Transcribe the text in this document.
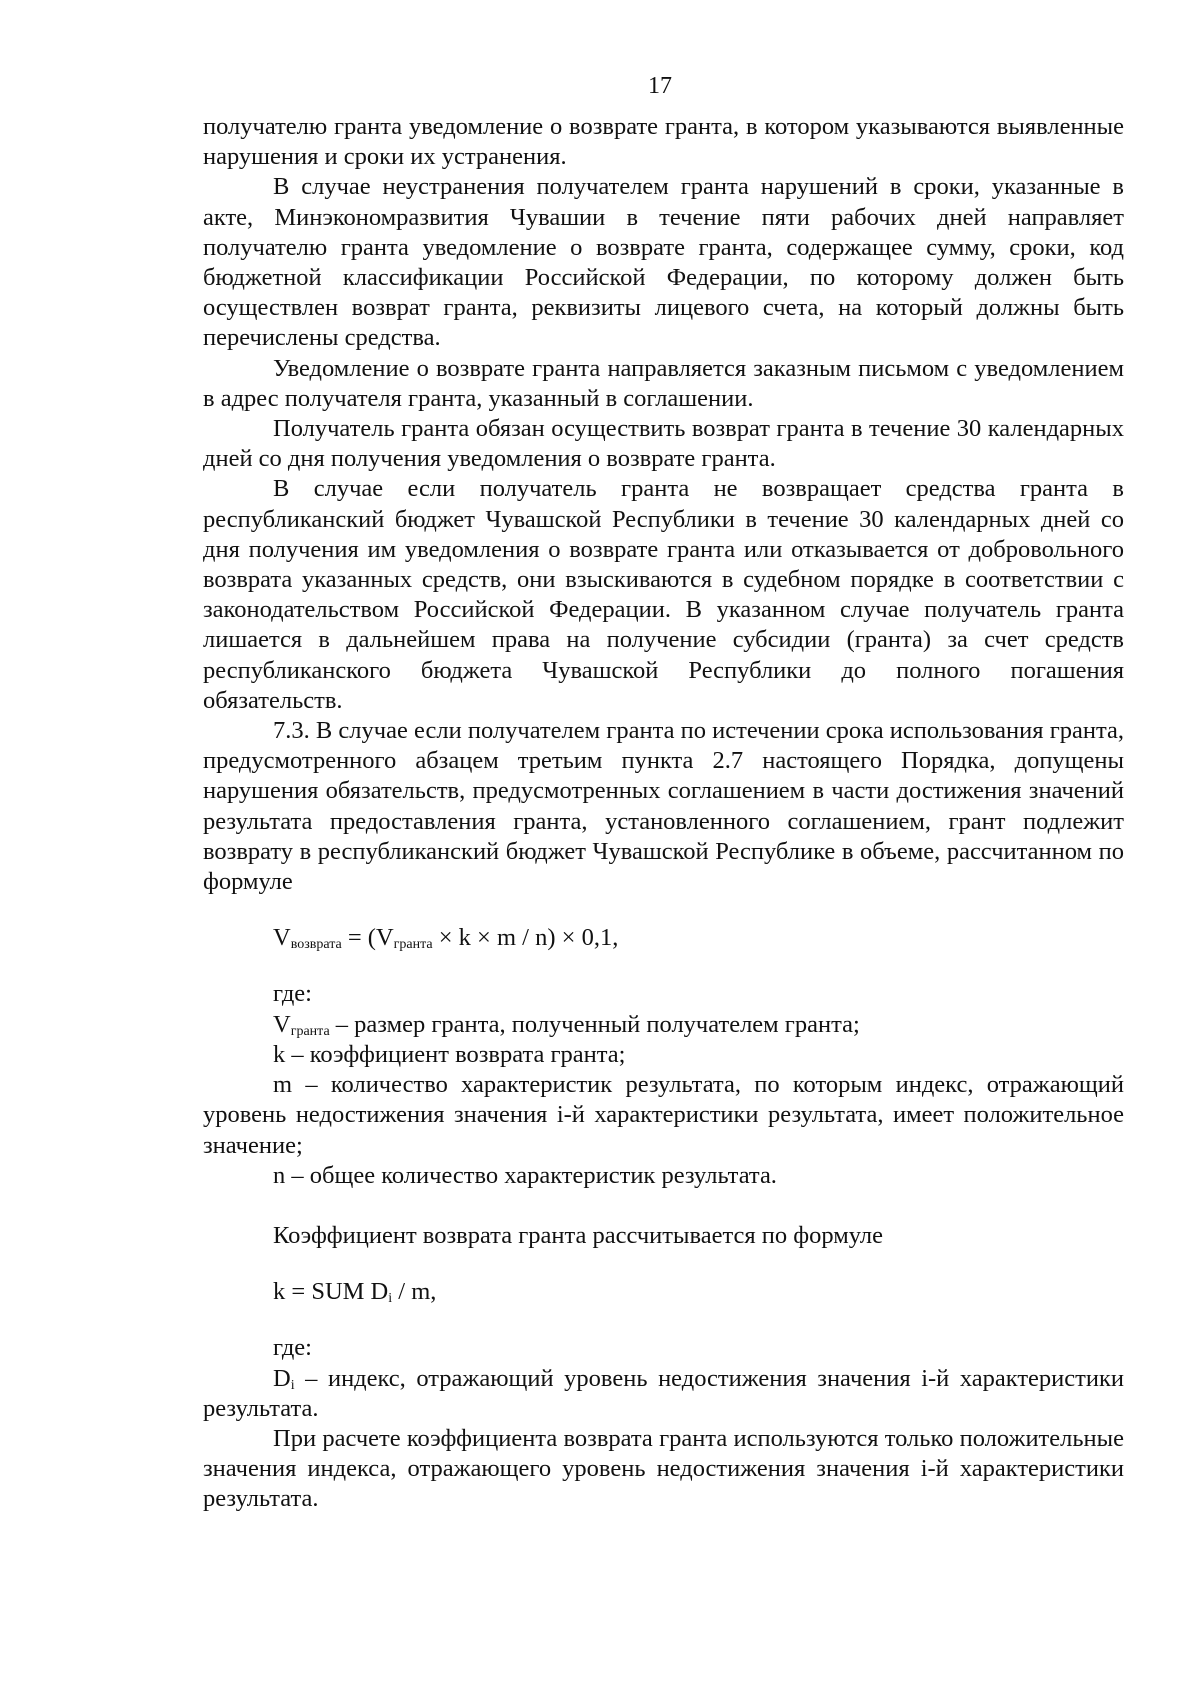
17

получателю гранта уведомление о возврате гранта, в котором указываются выявленные нарушения и сроки их устранения.

В случае неустранения получателем гранта нарушений в сроки, указанные в акте, Минэкономразвития Чувашии в течение пяти рабочих дней направляет получателю гранта уведомление о возврате гранта, содержащее сумму, сроки, код бюджетной классификации Российской Федерации, по которому должен быть осуществлен возврат гранта, реквизиты лицевого счета, на который должны быть перечислены средства.

Уведомление о возврате гранта направляется заказным письмом с уведомлением в адрес получателя гранта, указанный в соглашении.

Получатель гранта обязан осуществить возврат гранта в течение 30 календарных дней со дня получения уведомления о возврате гранта.

В случае если получатель гранта не возвращает средства гранта в республиканский бюджет Чувашской Республики в течение 30 календарных дней со дня получения им уведомления о возврате гранта или отказывается от добровольного возврата указанных средств, они взыскиваются в судебном порядке в соответствии с законодательством Российской Федерации. В указанном случае получатель гранта лишается в дальнейшем права на получение субсидии (гранта) за счет средств республиканского бюджета Чувашской Республики до полного погашения обязательств.

7.3. В случае если получателем гранта по истечении срока использования гранта, предусмотренного абзацем третьим пункта 2.7 настоящего Порядка, допущены нарушения обязательств, предусмотренных соглашением в части достижения значений результата предоставления гранта, установленного соглашением, грант подлежит возврату в республиканский бюджет Чувашской Республике в объеме, рассчитанном по формуле

$V_{возврата} = (V_{гранта} \times k \times m / n) \times 0,1$,

где:

$V_{гранта}$ – размер гранта, полученный получателем гранта;

k – коэффициент возврата гранта;

m – количество характеристик результата, по которым индекс, отражающий уровень недостижения значения i-й характеристики результата, имеет положительное значение;

n – общее количество характеристик результата.

Коэффициент возврата гранта рассчитывается по формуле

k = SUM $D_i$ / m,

где:

$D_i$ – индекс, отражающий уровень недостижения значения i-й характеристики результата.

При расчете коэффициента возврата гранта используются только положительные значения индекса, отражающего уровень недостижения значения i-й характеристики результата.
